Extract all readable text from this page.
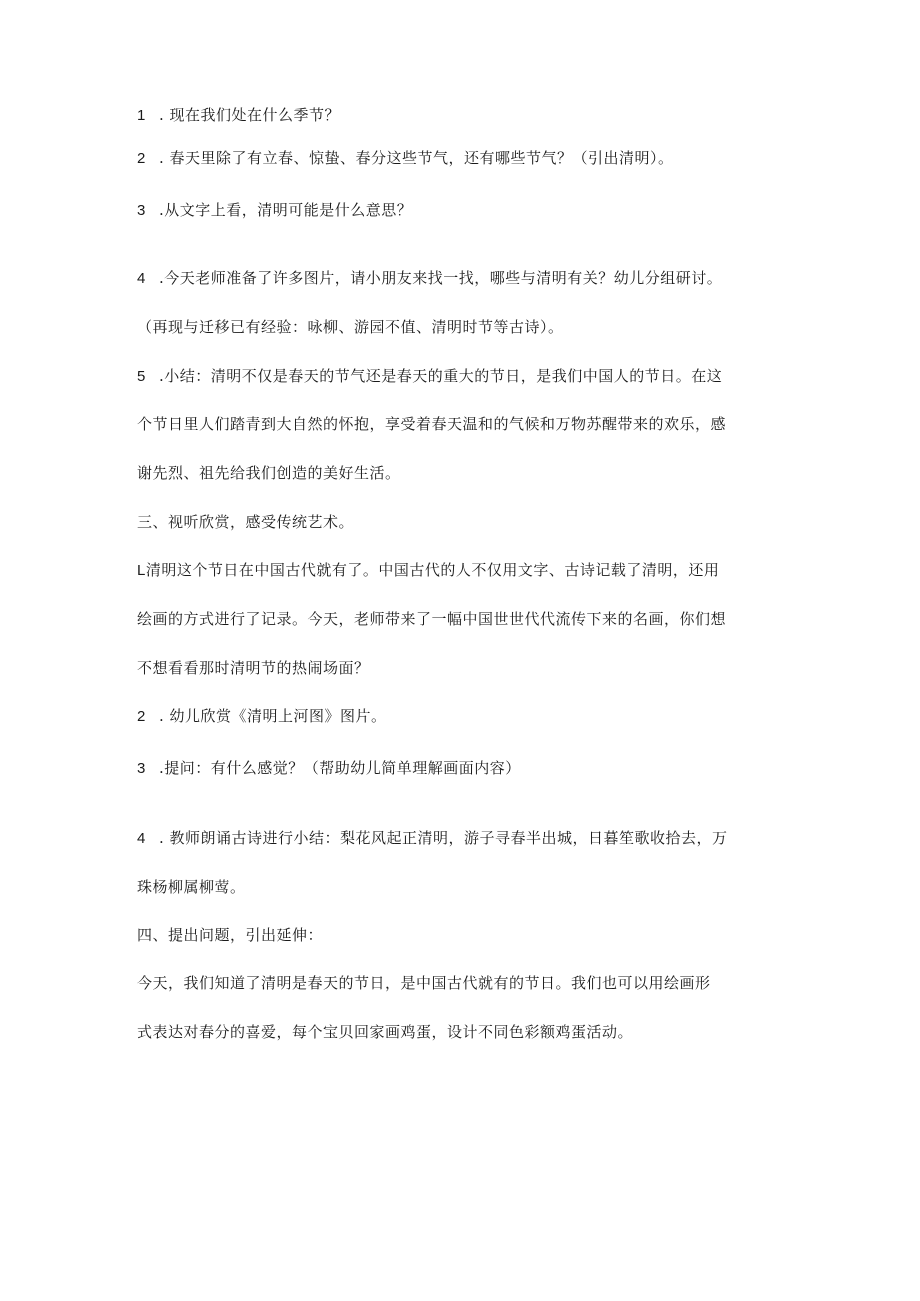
1 . 现在我们处在什么季节？
2 . 春天里除了有立春、惊蛰、春分这些节气，还有哪些节气？（引出清明）。
3 .从文字上看，清明可能是什么意思？
4 .今天老师准备了许多图片，请小朋友来找一找，哪些与清明有关？幼儿分组研讨。
（再现与迁移已有经验：咏柳、游园不值、清明时节等古诗）。
5 .小结：清明不仅是春天的节气还是春天的重大的节日，是我们中国人的节日。在这
个节日里人们踏青到大自然的怀抱，享受着春天温和的气候和万物苏醒带来的欢乐，感
谢先烈、祖先给我们创造的美好生活。
三、视听欣赏，感受传统艺术。
L清明这个节日在中国古代就有了。中国古代的人不仅用文字、古诗记载了清明，还用
绘画的方式进行了记录。今天，老师带来了一幅中国世世代代流传下来的名画，你们想
不想看看那时清明节的热闹场面？
2 . 幼儿欣赏《清明上河图》图片。
3 .提问：有什么感觉？（帮助幼儿简单理解画面内容）
4 . 教师朗诵古诗进行小结：梨花风起正清明，游子寻春半出城，日暮笙歌收拾去，万
珠杨柳属柳莺。
四、提出问题，引出延伸：
今天，我们知道了清明是春天的节日，是中国古代就有的节日。我们也可以用绘画形
式表达对春分的喜爱，每个宝贝回家画鸡蛋，设计不同色彩额鸡蛋活动。
